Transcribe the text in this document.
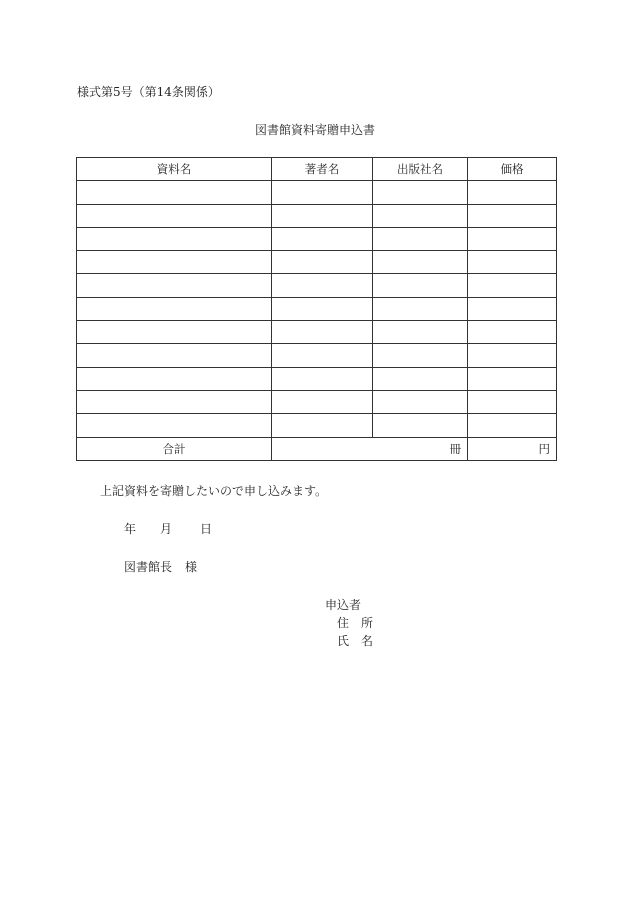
様式第5号（第14条関係）
図書館資料寄贈申込書
資料名	著者名	出版社名	価格

合計	冊		円
上記資料を寄贈したいので申し込みます。
年 月 日
図書館長 様
申込者
住 所
氏 名
